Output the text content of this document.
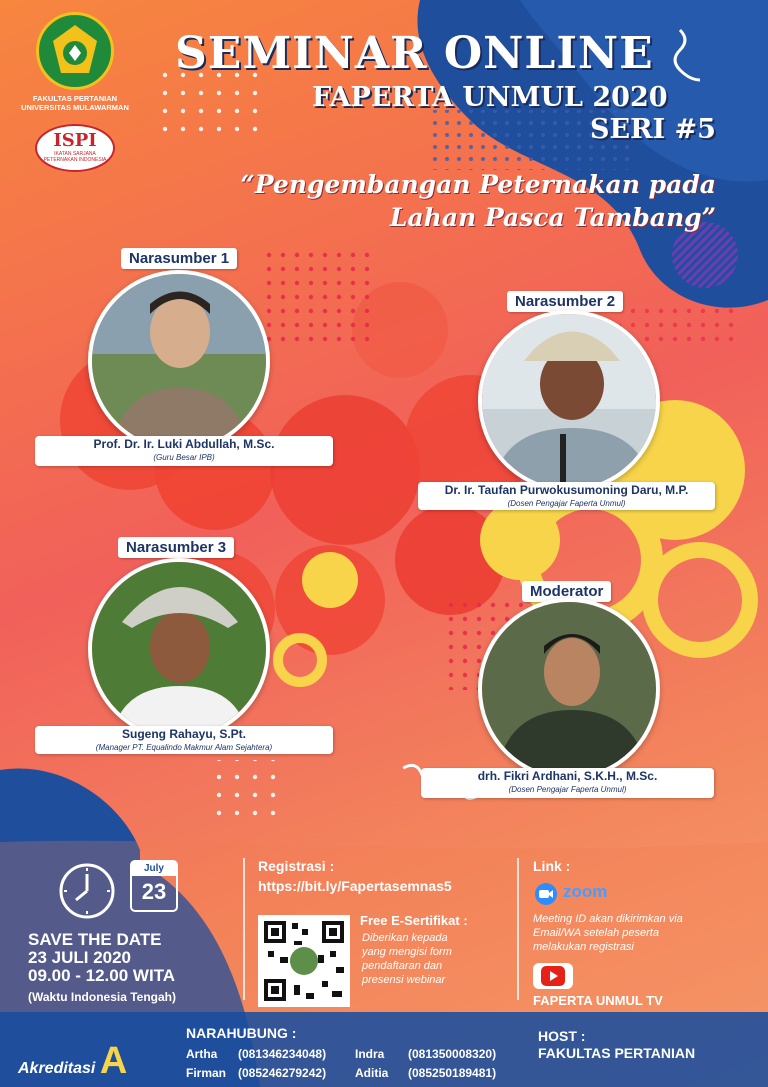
FAKULTAS PERTANIAN
UNIVERSITAS MULAWARMAN
ISPI
IKATAN SARJANA
PETERNAKAN INDONESIA
SEMINAR ONLINE
FAPERTA UNMUL 2020
SERI #5
“Pengembangan Peternakan pada
Lahan Pasca Tambang”
Narasumber 1
Prof. Dr. Ir. Luki Abdullah, M.Sc.
(Guru Besar IPB)
Narasumber 2
Dr. Ir. Taufan Purwokusumoning Daru, M.P.
(Dosen Pengajar Faperta Unmul)
Narasumber 3
Sugeng Rahayu, S.Pt.
(Manager PT. Equalindo Makmur Alam Sejahtera)
Moderator
drh. Fikri Ardhani, S.K.H., M.Sc.
(Dosen Pengajar Faperta Unmul)
July
23
SAVE THE DATE
23 JULI 2020
09.00 - 12.00 WITA
(Waktu Indonesia Tengah)
Registrasi :
https://bit.ly/Fapertasemnas5
Free E-Sertifikat :
Diberikan kepada
yang mengisi form
pendaftaran dan
presensi webinar
Link :
zoom
Meeting ID akan dikirimkan via
Email/WA setelah peserta
melakukan registrasi
FAPERTA UNMUL TV
Akreditasi A
NARAHUBUNG :
Artha (081346234048)
Firman (085246279242)
Indra (081350008320)
Aditia (085250189481)
HOST :
FAKULTAS PERTANIAN
